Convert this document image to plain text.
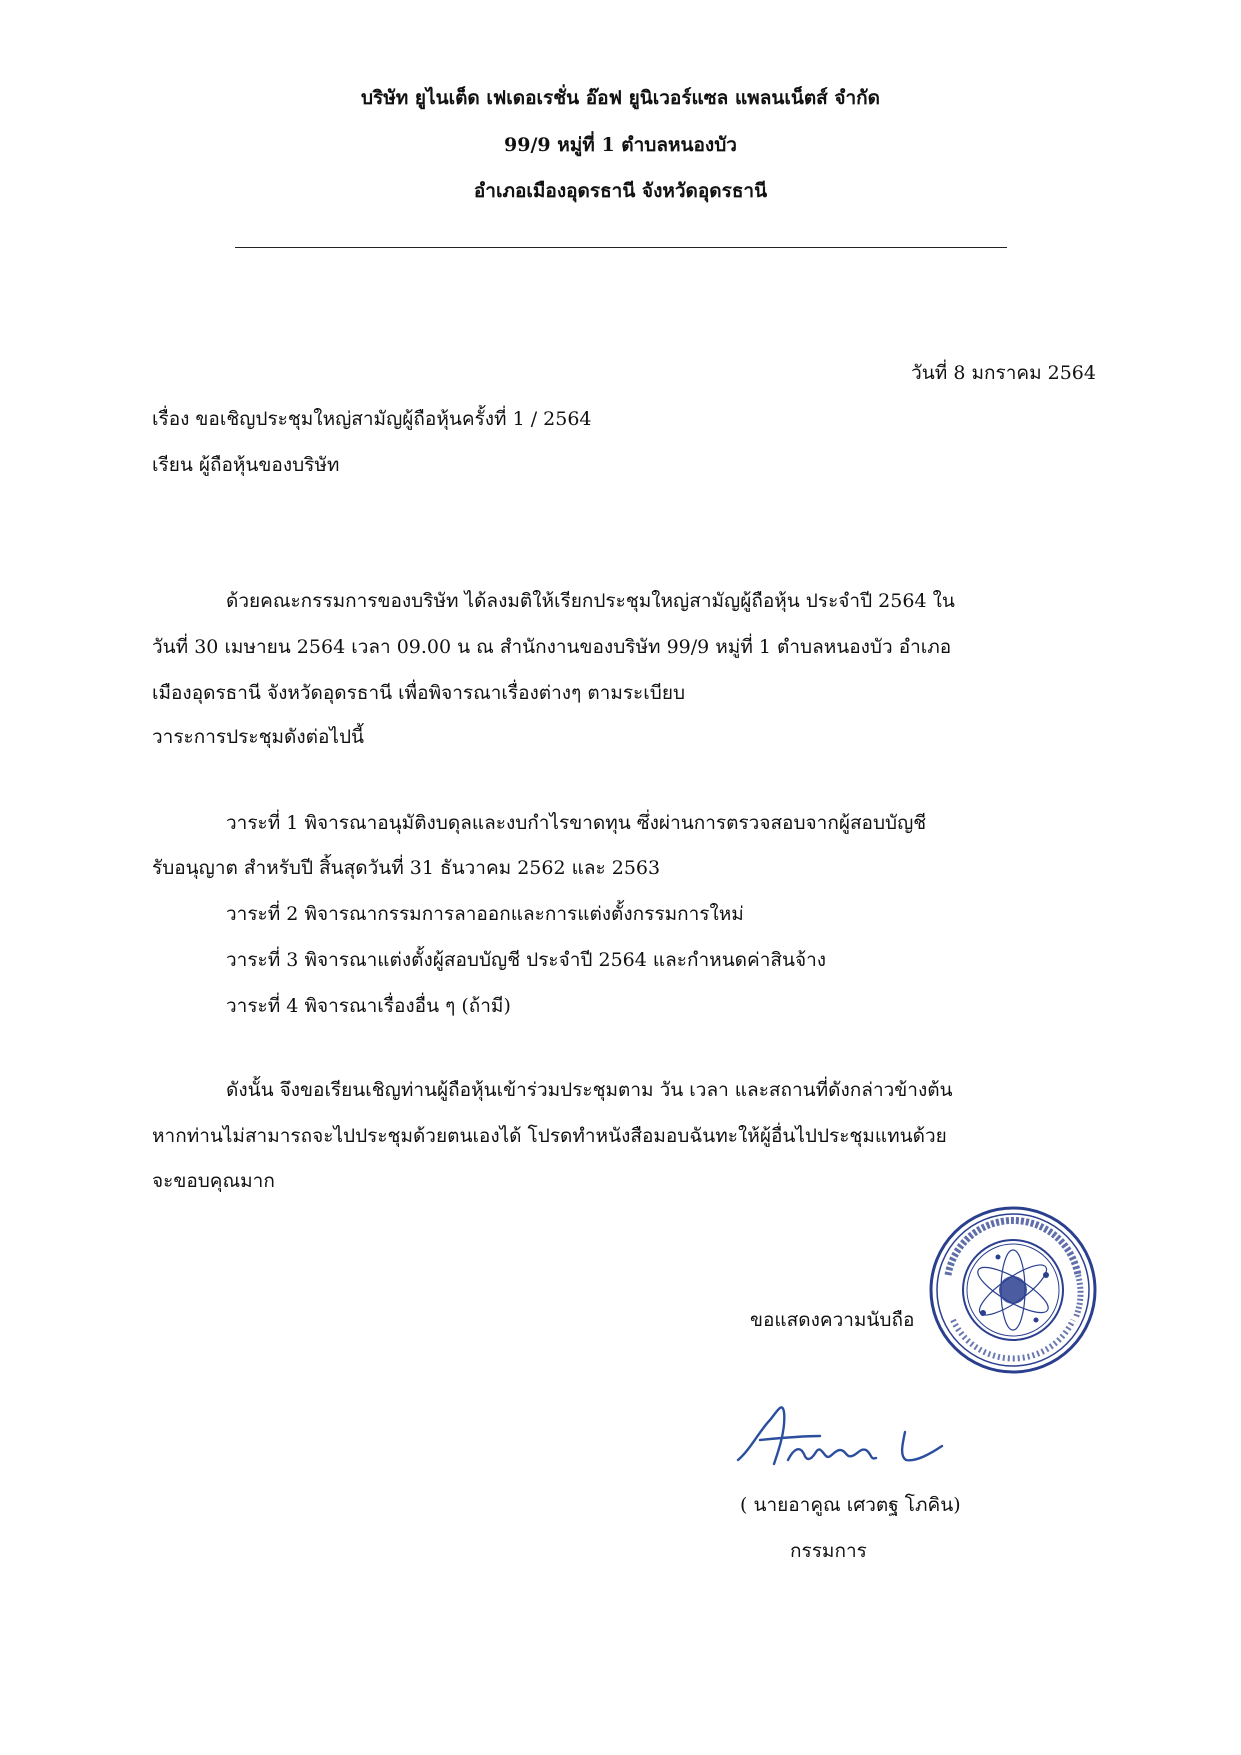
บริษัท ยูไนเต็ด เฟเดอเรชั่น อ๊อฟ ยูนิเวอร์แซล แพลนเน็ตส์ จำกัด
99/9 หมู่ที่ 1 ตำบลหนองบัว
อำเภอเมืองอุดรธานี จังหวัดอุดรธานี
วันที่ 8 มกราคม 2564
เรื่อง ขอเชิญประชุมใหญ่สามัญผู้ถือหุ้นครั้งที่ 1 / 2564
เรียน ผู้ถือหุ้นของบริษัท
ด้วยคณะกรรมการของบริษัท ได้ลงมติให้เรียกประชุมใหญ่สามัญผู้ถือหุ้น ประจำปี 2564 ใน
วันที่ 30 เมษายน 2564 เวลา 09.00 น ณ สำนักงานของบริษัท 99/9 หมู่ที่ 1 ตำบลหนองบัว อำเภอ
เมืองอุดรธานี จังหวัดอุดรธานี เพื่อพิจารณาเรื่องต่างๆ ตามระเบียบ
วาระการประชุมดังต่อไปนี้
วาระที่ 1 พิจารณาอนุมัติงบดุลและงบกำไรขาดทุน ซึ่งผ่านการตรวจสอบจากผู้สอบบัญชี
รับอนุญาต สำหรับปี สิ้นสุดวันที่ 31 ธันวาคม 2562 และ 2563
วาระที่ 2 พิจารณากรรมการลาออกและการแต่งตั้งกรรมการใหม่
วาระที่ 3 พิจารณาแต่งตั้งผู้สอบบัญชี ประจำปี 2564 และกำหนดค่าสินจ้าง
วาระที่ 4 พิจารณาเรื่องอื่น ๆ (ถ้ามี)
ดังนั้น จึงขอเรียนเชิญท่านผู้ถือหุ้นเข้าร่วมประชุมตาม วัน เวลา และสถานที่ดังกล่าวข้างต้น
หากท่านไม่สามารถจะไปประชุมด้วยตนเองได้ โปรดทำหนังสือมอบฉันทะให้ผู้อื่นไปประชุมแทนด้วย
จะขอบคุณมาก
ขอแสดงความนับถือ
( นายอาคูณ เศวตฐ โภคิน)
กรรมการ
